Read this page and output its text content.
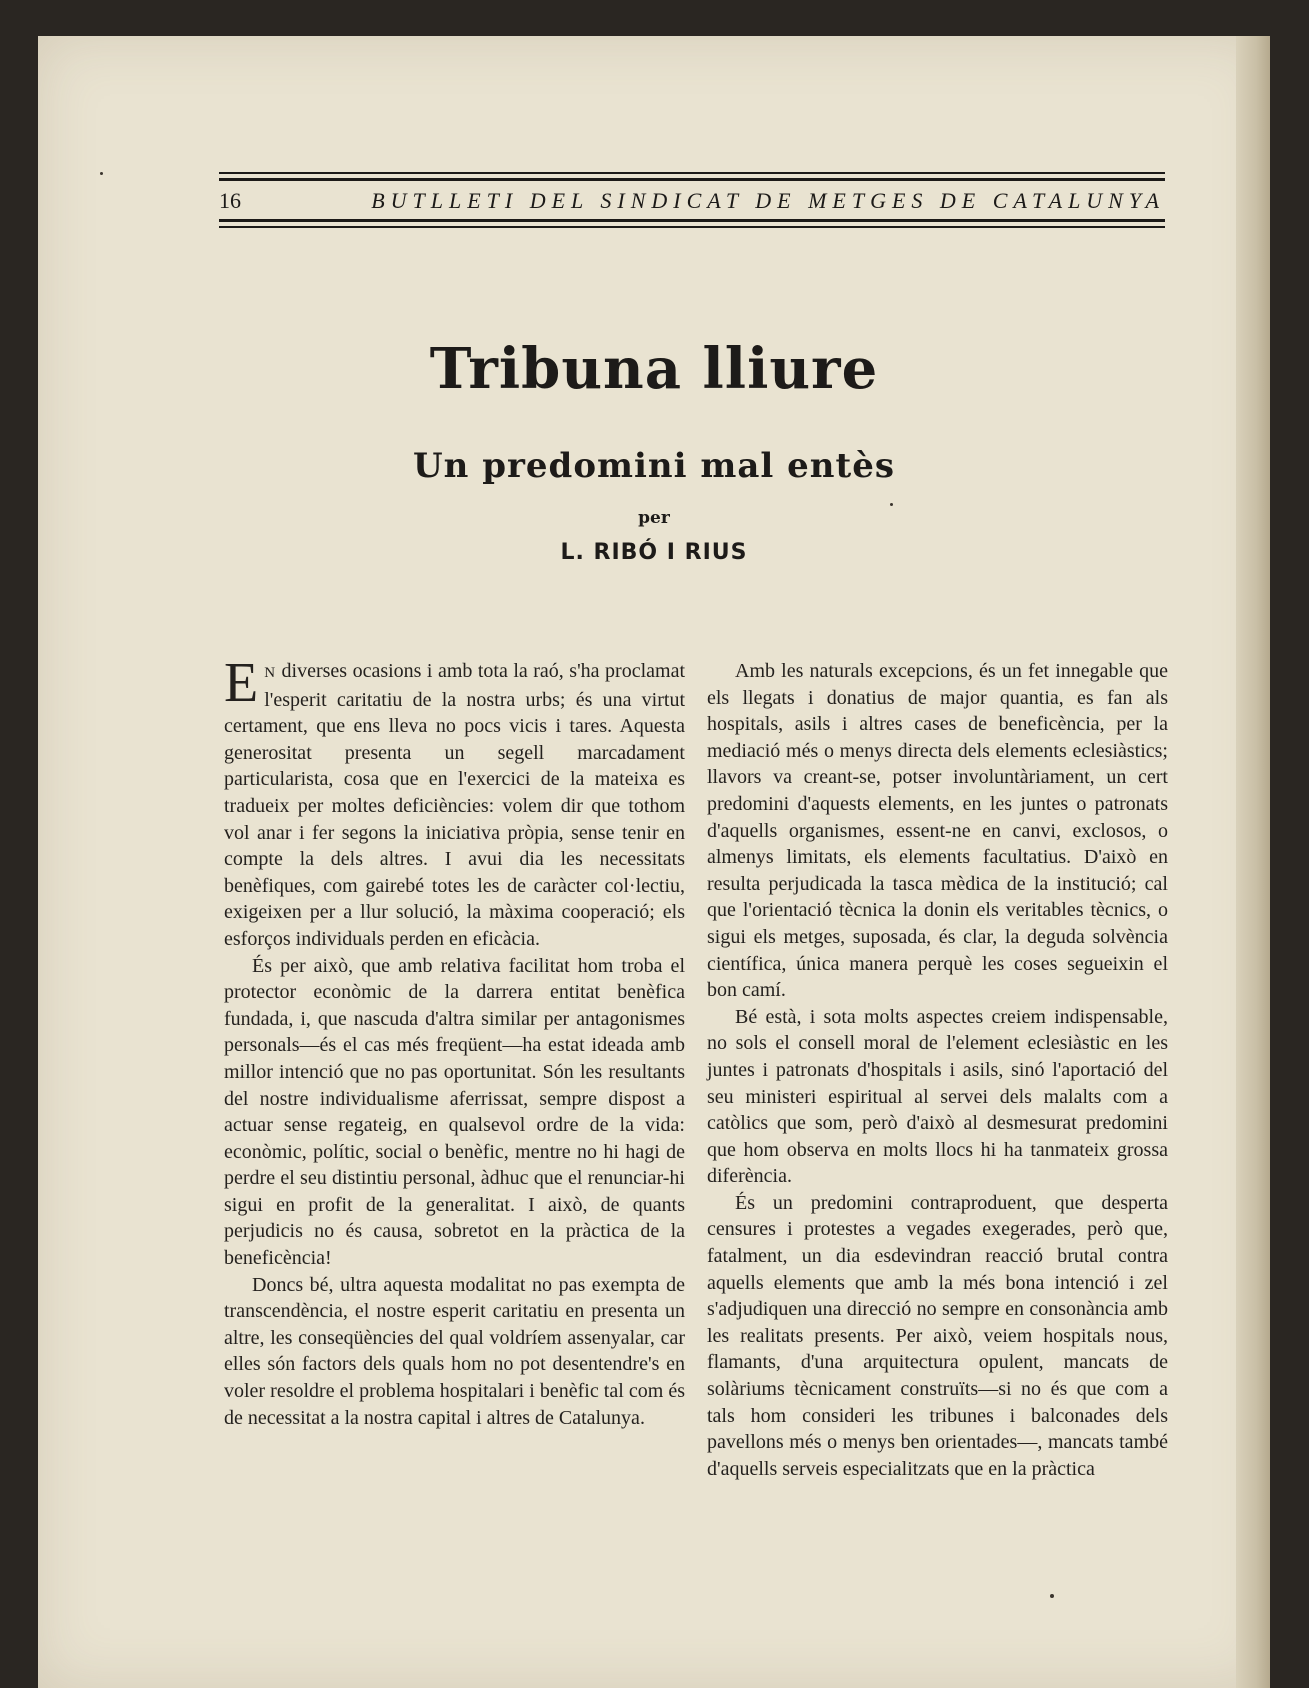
16	BUTLLETI DEL SINDICAT DE METGES DE CATALUNYA
Tribuna lliure
Un predomini mal entès
per
L. RIBÓ I RIUS

E N diverses ocasions i amb tota la raó, s'ha proclamat l'esperit caritatiu de la nostra urbs; és una virtut certament, que ens lleva no pocs vicis i tares. Aquesta generositat presenta un segell marcadament particularista, cosa que en l'exercici de la mateixa es tradueix per moltes deficiències: volem dir que tothom vol anar i fer segons la iniciativa pròpia, sense tenir en compte la dels altres. I avui dia les necessitats benèfiques, com gairebé totes les de caràcter col·lectiu, exigeixen per a llur solució, la màxima cooperació; els esforços individuals perden en eficàcia.

És per això, que amb relativa facilitat hom troba el protector econòmic de la darrera entitat benèfica fundada, i, que nascuda d'altra similar per antagonismes personals—és el cas més freqüent—ha estat ideada amb millor intenció que no pas oportunitat. Són les resultants del nostre individualisme aferrissat, sempre dispost a actuar sense regateig, en qualsevol ordre de la vida: econòmic, polític, social o benèfic, mentre no hi hagi de perdre el seu distintiu personal, àdhuc que el renunciar-hi sigui en profit de la generalitat. I això, de quants perjudicis no és causa, sobretot en la pràctica de la beneficència!

Doncs bé, ultra aquesta modalitat no pas exempta de transcendència, el nostre esperit caritatiu en presenta un altre, les conseqüències del qual voldríem assenyalar, car elles són factors dels quals hom no pot desentendre's en voler resoldre el problema hospitalari i benèfic tal com és de necessitat a la nostra capital i altres de Catalunya.

Amb les naturals excepcions, és un fet innegable que els llegats i donatius de major quantia, es fan als hospitals, asils i altres cases de beneficència, per la mediació més o menys directa dels elements eclesiàstics; llavors va creant-se, potser involuntàriament, un cert predomini d'aquests elements, en les juntes o patronats d'aquells organismes, essent-ne en canvi, exclosos, o almenys limitats, els elements facultatius. D'això en resulta perjudicada la tasca mèdica de la institució; cal que l'orientació tècnica la donin els veritables tècnics, o sigui els metges, suposada, és clar, la deguda solvència científica, única manera perquè les coses segueixin el bon camí.

Bé està, i sota molts aspectes creiem indispensable, no sols el consell moral de l'element eclesiàstic en les juntes i patronats d'hospitals i asils, sinó l'aportació del seu ministeri espiritual al servei dels malalts com a catòlics que som, però d'això al desmesurat predomini que hom observa en molts llocs hi ha tanmateix grossa diferència.

És un predomini contraproduent, que desperta censures i protestes a vegades exegerades, però que, fatalment, un dia esdevindran reacció brutal contra aquells elements que amb la més bona intenció i zel s'adjudiquen una direcció no sempre en consonància amb les realitats presents. Per això, veiem hospitals nous, flamants, d'una arquitectura opulent, mancats de solàriums tècnicament construïts—si no és que com a tals hom consideri les tribunes i balconades dels pavellons més o menys ben orientades—, mancats també d'aquells serveis especialitzats que en la pràctica
